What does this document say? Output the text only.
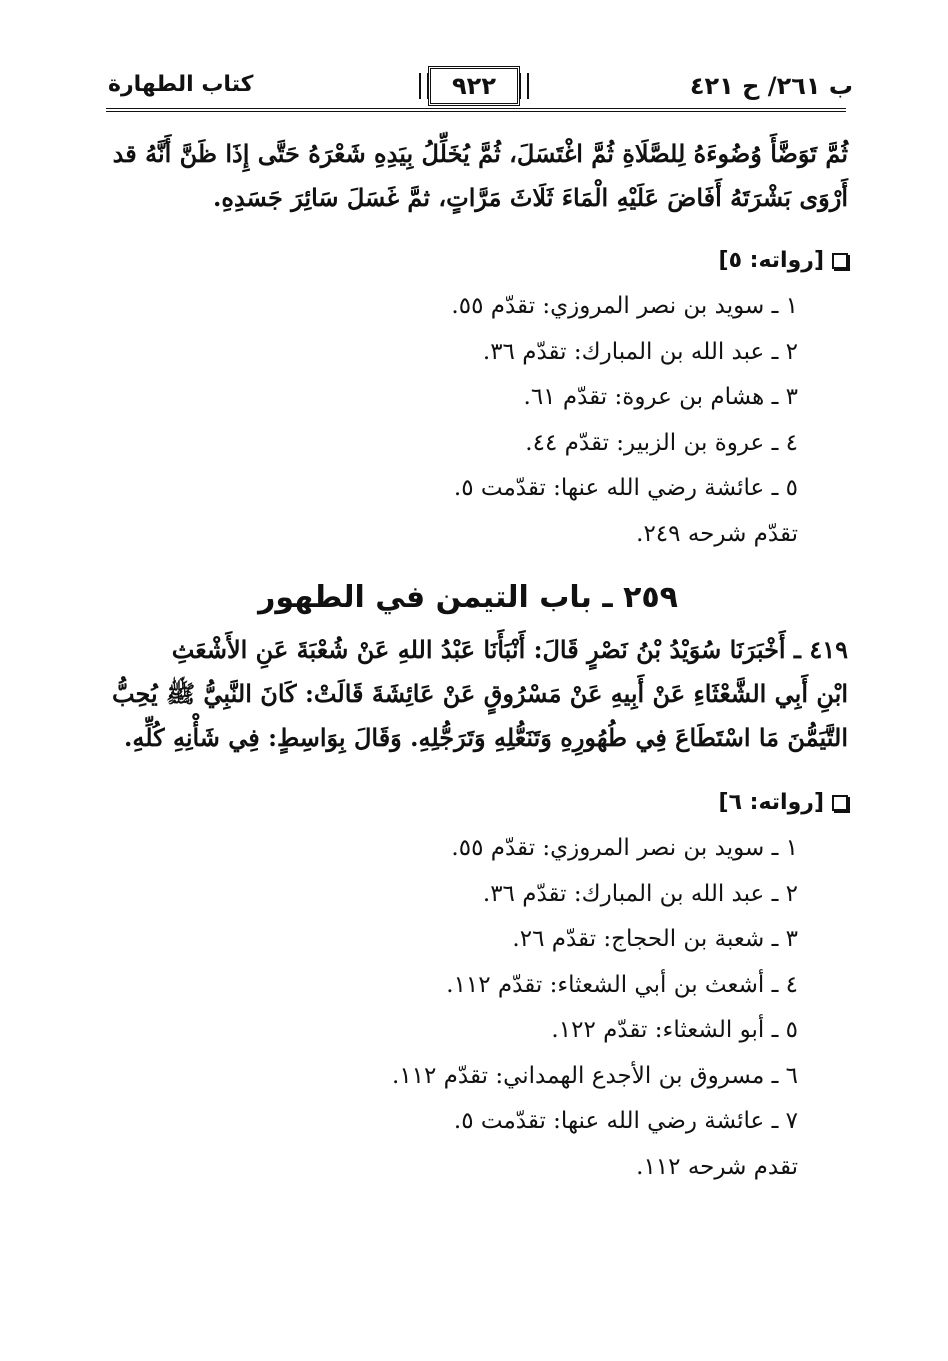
ب ٢٦١/ ح ٤٢١
٩٢٢
كتاب الطهارة
ثُمَّ تَوَضَّأَ وُضُوءَهُ لِلصَّلَاةِ ثُمَّ اغْتَسَلَ، ثُمَّ يُخَلِّلُ بِيَدِهِ شَعْرَهُ حَتَّى إِذَا ظَنَّ أَنَّهُ قد
أَرْوَى بَشْرَتَهُ أَفَاضَ عَلَيْهِ الْمَاءَ ثَلَاثَ مَرَّاتٍ، ثمَّ غَسَلَ سَائِرَ جَسَدِهِ.
[رواته: ٥]
١ ـ سويد بن نصر المروزي: تقدّم ٥٥.
٢ ـ عبد الله بن المبارك: تقدّم ٣٦.
٣ ـ هشام بن عروة: تقدّم ٦١.
٤ ـ عروة بن الزبير: تقدّم ٤٤.
٥ ـ عائشة رضي الله عنها: تقدّمت ٥.
تقدّم شرحه ٢٤٩.
٢٥٩ ـ باب التيمن في الطهور
٤١٩ ـ أَخْبَرَنَا سُوَيْدُ بْنُ نَصْرٍ قَالَ: أَنْبَأَنَا عَبْدُ اللهِ عَنْ شُعْبَةَ عَنِ الأَشْعَثِ
ابْنِ أَبِي الشَّعْثَاءِ عَنْ أَبِيهِ عَنْ مَسْرُوقٍ عَنْ عَائِشَةَ قَالَتْ: كَانَ النَّبِيُّ ﷺ يُحِبُّ
التَّيَمُّنَ مَا اسْتَطَاعَ فِي طُهُورِهِ وَتَنَعُّلِهِ وَتَرَجُّلِهِ. وَقَالَ بِوَاسِطٍ: فِي شَأْنِهِ كُلِّهِ.
[رواته: ٦]
١ ـ سويد بن نصر المروزي: تقدّم ٥٥.
٢ ـ عبد الله بن المبارك: تقدّم ٣٦.
٣ ـ شعبة بن الحجاج: تقدّم ٢٦.
٤ ـ أشعث بن أبي الشعثاء: تقدّم ١١٢.
٥ ـ أبو الشعثاء: تقدّم ١٢٢.
٦ ـ مسروق بن الأجدع الهمداني: تقدّم ١١٢.
٧ ـ عائشة رضي الله عنها: تقدّمت ٥.
تقدم شرحه ١١٢.
